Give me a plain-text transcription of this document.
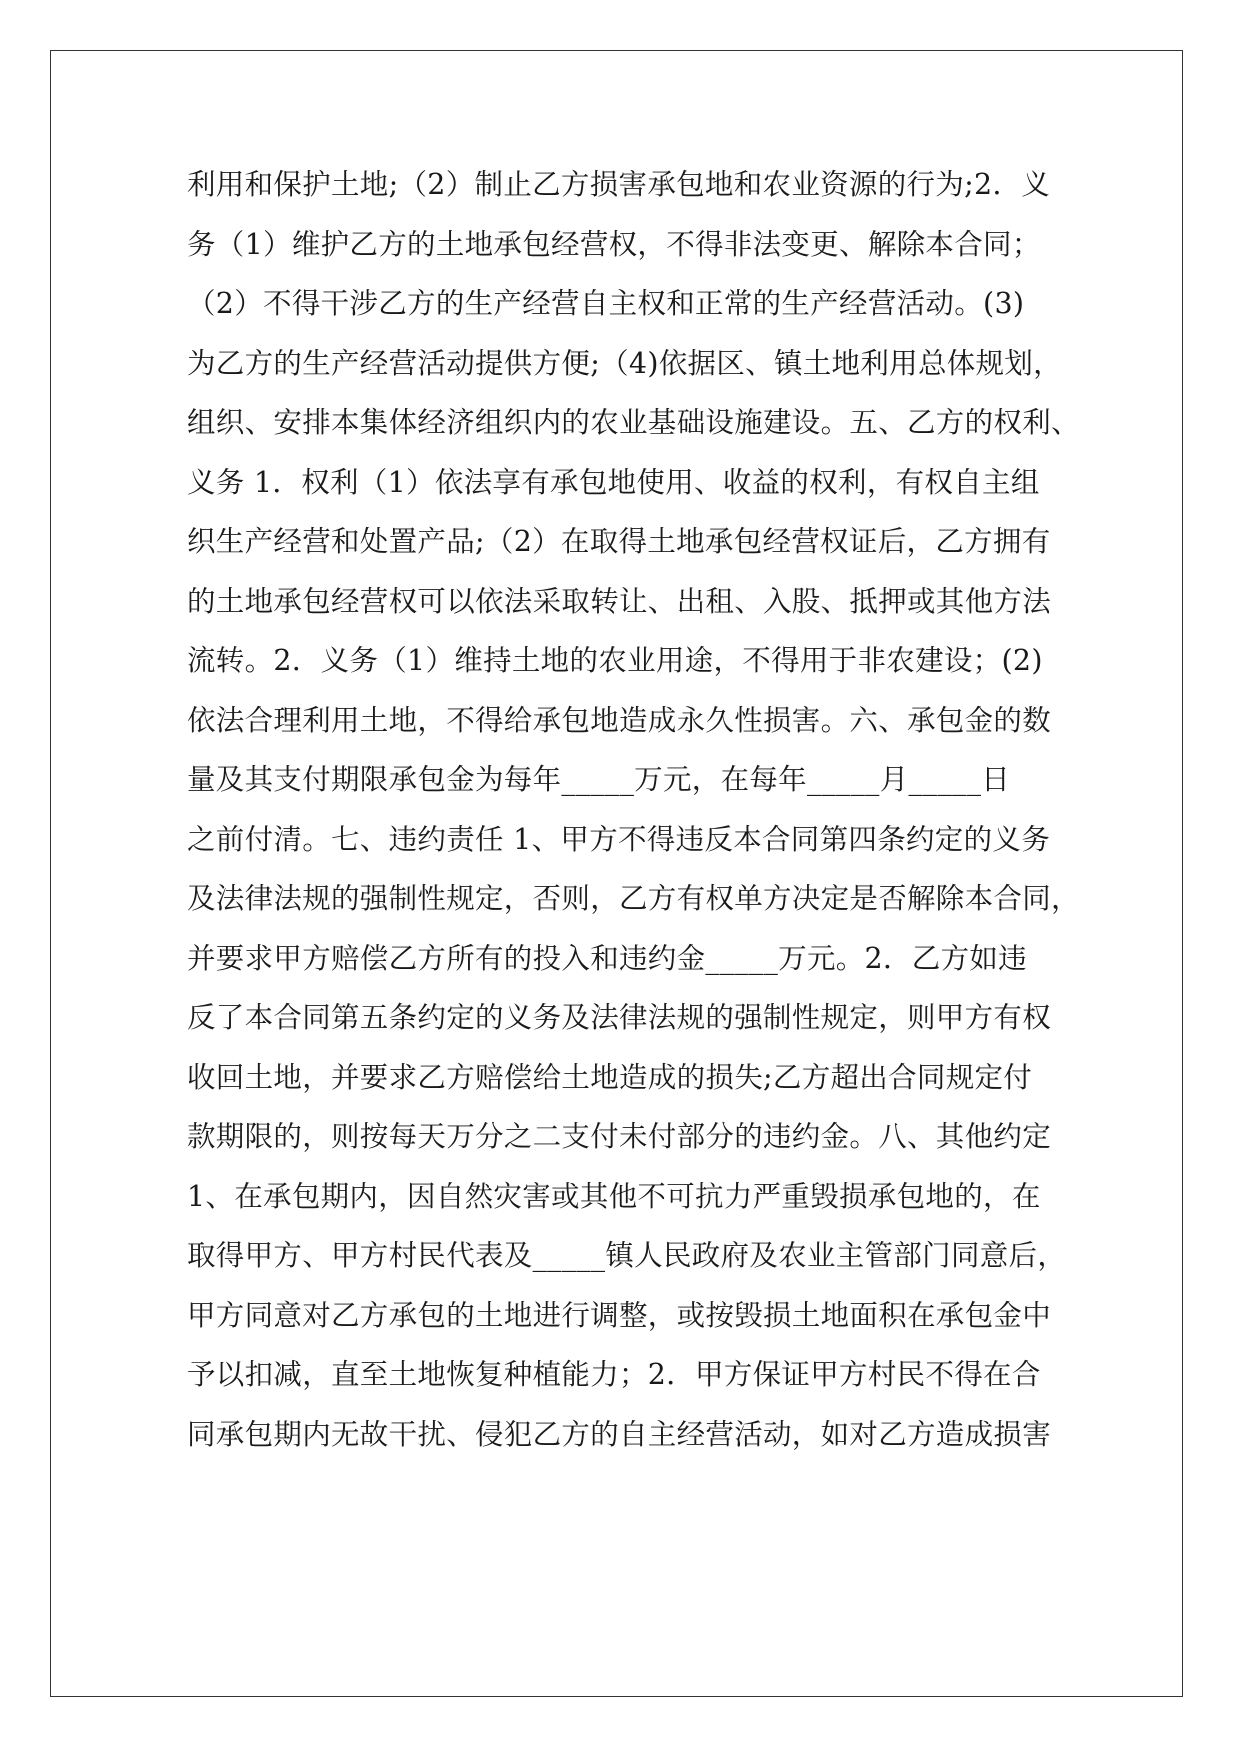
利用和保护土地;（2）制止乙方损害承包地和农业资源的行为;2．义
务（1）维护乙方的土地承包经营权，不得非法变更、解除本合同；
（2）不得干涉乙方的生产经营自主权和正常的生产经营活动。(3)
为乙方的生产经营活动提供方便;（4)依据区、镇土地利用总体规划，
组织、安排本集体经济组织内的农业基础设施建设。五、乙方的权利、
义务 1．权利（1）依法享有承包地使用、收益的权利，有权自主组
织生产经营和处置产品;（2）在取得土地承包经营权证后，乙方拥有
的土地承包经营权可以依法采取转让、出租、入股、抵押或其他方法
流转。2．义务（1）维持土地的农业用途，不得用于非农建设；(2)
依法合理利用土地，不得给承包地造成永久性损害。六、承包金的数
量及其支付期限承包金为每年_____万元，在每年_____月_____日
之前付清。七、违约责任 1、甲方不得违反本合同第四条约定的义务
及法律法规的强制性规定，否则，乙方有权单方决定是否解除本合同，
并要求甲方赔偿乙方所有的投入和违约金_____万元。2．乙方如违
反了本合同第五条约定的义务及法律法规的强制性规定，则甲方有权
收回土地，并要求乙方赔偿给土地造成的损失;乙方超出合同规定付
款期限的，则按每天万分之二支付未付部分的违约金。八、其他约定
1、在承包期内，因自然灾害或其他不可抗力严重毁损承包地的，在
取得甲方、甲方村民代表及_____镇人民政府及农业主管部门同意后，
甲方同意对乙方承包的土地进行调整，或按毁损土地面积在承包金中
予以扣减，直至土地恢复种植能力；2．甲方保证甲方村民不得在合
同承包期内无故干扰、侵犯乙方的自主经营活动，如对乙方造成损害
